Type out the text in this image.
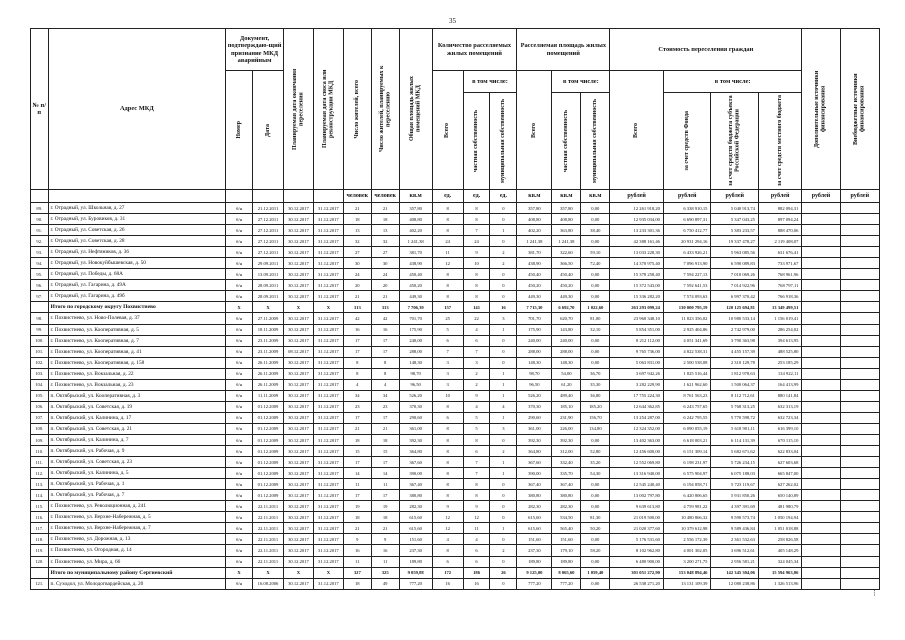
35
№ п/п	Адрес МКД	Документ, подтверждаю-щий признание МКД аварийным		Планируемая дата окончания переселения	Планируемая дата сноса или реконструкции МКД	Число жителей, всего	Число жителей, планируемых к переселению	Общая площадь жилых помещений МКД	Количество расселяемых жилых помещений			Расселяемая площадь жилых помещений			Стоимость переселения граждан				Дополнительные источники финансирования	Внебюджетные источники финансирования

		Номер	Дата						Всего	в том числе:		Всего	в том числе:		Всего	в том числе:				

										частная собственность	муниципальная собственность		частная собственность	муниципальная собственность		за счет средств Фонда	за счет средств бюджета субъекта Российской Федерации	за счет средств местного бюджета		

						человек	человек	кв.м	ед.	ед.	ед.	кв.м	кв.м	кв.м	рублей	рублей	рублей	рублей	рублей	рублей
89.	г. Отрадный, ул. Школьная, д. 27	б/н	21.12.2011	30.12.2017	31.12.2017	21	21	357,80	8	8	0	357,80	357,80	0,00	12 261 918,20	6 338 910,15	5 040 913,74	882 094,31		
90.	г. Отрадный, ул. Буровиков, д. 31	б/н	27.12.2011	30.12.2017	31.12.2017	18	18	408,80	8	8	0	408,80	408,80	0,00	12 935 034,00	6 690 897,31	5 347 043,25	897 094,24		
91.	г. Отрадный, ул. Советская, д. 26	б/н	27.12.2011	30.12.2017	31.12.2017	13	13	402,20	8	7	1	402,20	363,80	38,40	13 233 301,36	6 750 412,77	5 383 233,57	888 470,06		
92.	г. Отрадный, ул. Советская, д. 28	б/н	27.12.2011	30.12.2017	31.12.2017	32	32	1 241,38	24	24	0	1 241,38	1 241,38	0,00	42 388 161,46	20 931 294,16	19 337 478,27	2 119 408,07		
93.	г. Отрадный, ул. Нефтяников, д. 36	б/н	27.12.2011	30.12.2017	31.12.2017	27	27	381,70	11	9	2	381,70	322,60	59,10	13 033 228,30	6 433 926,21	5 963 085,56	631 676,41		
94.	г. Отрадный, ул. Новокуйбышевская, д. 50	б/н	29.09.2011	30.12.2017	31.12.2017	30	30	438,90	12	10	2	438,90	366,50	72,40	14 370 975,40	7 096 913,90	6 590 089,83	733 971,67		
95.	г. Отрадный, ул. Победы, д. 68А	б/н	13.09.2011	30.12.2017	31.12.2017	24	24	450,40	8	8	0	450,40	450,40	0,00	15 378 258,40	7 594 227,13	7 010 069,26	768 961,96		
96.	г. Отрадный, ул. Гагарина, д. 49А	б/н	28.09.2011	30.12.2017	31.12.2017	20	20	450,20	8	8	0	450,20	450,20	0,00	15 372 543,00	7 592 641,53	7 014 922,96	768 797,11		
97.	г. Отрадный, ул. Гагарина, д. 49б	б/н	28.09.2011	30.12.2017	31.12.2017	21	21	449,30	8	8	0	449,30	449,30	0,00	15 336 282,20	7 574 093,63	6 997 370,42	766 918,36		
	Итого по городскому округу Похвистнево	X	X	X	X	313	313	7 706,39	157	141	16	7 715,30	6 692,70	1 022,60	263 293 099,24	130 000 795,19	120 125 694,81	13 349 499,51		
98.	г. Похвистнево, ул. Ново-Полевая, д. 37	б/н	27.11.2009	30.12.2017	31.12.2017	42	42	701,70	25	22	3	701,70	620,70	81,00	23 960 348,10	11 823 356,02	10 980 533,14	1 156 019,41		
99.	г. Похвистнево, ул. Кооперативная, д. 5	б/н	18.11.2009	30.12.2017	31.12.2017	16	16	175,90	5	4	1	175,90	143,80	32,10	5 854 351,00	2 925 404,86	2 742 979,00	286 254,02		
100.	г. Похвистнево, ул. Кооперативная, д. 7	б/н	23.11.2009	30.12.2017	31.12.2017	17	17	240,00	6	6	0	240,00	240,00	0,00	8 212 112,00	4 051 341,69	3 790 363,98	394 613,95		
101.	г. Похвистнево, ул. Кооперативная, д. 41	б/н	23.11.2009	08.12.2017	31.12.2017	17	17	288,00	7	7	0	288,00	288,00	0,00	9 765 736,00	4 822 538,31	4 455 157,39	488 525,80		
102.	г. Похвистнево, ул. Кооперативная, д. 158	б/н	26.11.2009	30.12.2017	31.12.2017	8	8	148,30	3	3	0	148,30	148,30	0,00	5 063 831,00	2 500 538,08	2 310 129,78	253 185,29		
103.	г. Похвистнево, ул. Вокзальная, д. 22	б/н	26.11.2009	30.12.2017	31.12.2017	8	8	98,70	3	2	1	98,70	54,00	36,70	3 697 942,26	1 825 516,44	1 812 978,63	134 922,11		
104.	г. Похвистнево, ул. Вокзальная, д. 23	б/н	26.11.2009	30.12.2017	31.12.2017	4	4	96,50	3	2	1	96,50	61,20	35,30	3 282 229,90	1 621 962,60	1 500 064,37	164 413,99		
105.	п. Октябрьский, ул. Кооперативная, д. 3	б/н	11.11.2009	30.12.2017	31.12.2017	34	34	526,20	10	9	1	526,20	489,40	36,80	17 755 224,30	8 761 563,23	8 112 712,61	880 141,84		
106.	п. Октябрьский, ул. Советская, д. 19	б/н	01.12.2009	30.12.2017	31.12.2017	23	23	370,30	8	4	4	370,30	185,10	185,20	12 644 362,85	6 243 757,65	5 768 313,25	632 313,19		
107.	п. Октябрьский, ул. Калинина, д. 17	б/н	01.12.2009	30.12.2017	31.12.2017	17	17	290,60	6	5	1	290,60	231,90	156,70	13 254 287,00	6 242 795,55	5 770 598,72	632 723,34		
108.	п. Октябрьский, ул. Советская, д. 21	б/н	01.12.2009	30.12.2017	31.12.2017	21	21	361,00	8	5	3	361,00	226,00	134,80	12 324 352,00	6 090 055,19	5 618 901,11	616 399,10		
109.	п. Октябрьский, ул. Калинина, д. 7	б/н	01.12.2009	30.12.2017	31.12.2017	18	18	392,30	8	8	0	392,30	392,30	0,00	13 402 363,00	6 618 003,21	6 114 131,39	670 115,10		
110.	п. Октябрьский, ул. Рабочая, д. 9	б/н	01.12.2009	30.12.2017	31.12.2017	15	15	364,80	8	6	2	364,80	312,00	52,80	12 456 600,00	6 151 309,14	5 682 671,62	622 833,04		
111.	п. Октябрьский, ул. Советская, д. 23	б/н	01.12.2009	30.12.2017	31.12.2017	17	17	367,60	8	7	1	367,60	332,40	35,20	12 552 069,80	6 198 231,97	5 726 234,15	627 603,68		
112.	п. Октябрьский, ул. Калинина, д. 5	б/н	01.12.2009	30.12.2017	31.12.2017	14	14	390,00	8	7	1	390,00	335,70	54,30	13 316 940,00	6 575 904,97	6 075 188,03	665 847,00		
113.	п. Октябрьский, ул. Рабочая, д. 1	б/н	01.12.2009	30.12.2017	31.12.2017	11	11	367,40	8	8	0	367,40	367,40	0,00	12 545 240,40	6 194 858,71	5 723 119,67	627 262,02		
114.	п. Октябрьский, ул. Рабочая, д. 7	б/н	01.12.2009	30.12.2017	31.12.2017	17	17	380,80	8	8	0	380,80	380,80	0,00	13 002 797,80	6 420 806,65	5 931 850,26	650 140,89		
115.	г. Похвистнево, ул. Революционная, д. 241	б/н	22.11.2011	30.12.2017	31.12.2017	19	19	282,30	9	9	0	282,30	282,30	0,00	9 639 613,80	4 759 981,22	4 397 391,69	481 980,79		
116.	г. Похвистнево, ул. Верхне-Набережная, д. 5	б/н	22.11.2011	30.12.2017	31.12.2017	18	18	615,60	12	12	0	615,60	534,50	81,30	21 019 500,00	10 480 866,32	9 590 573,74	1 050 194,94		
117.	г. Похвистнево, ул. Верхне-Набережная, д. 7	б/н	22.11.2011	30.12.2017	31.12.2017	21	21	615,60	12	11	1	615,60	565,40	50,20	21 020 377,60	10 379 612,98	9 589 436,84	1 051 018,88		
118.	г. Похвистнево, ул. Дорожная, д. 13	б/н	22.11.2011	30.12.2017	31.12.2017	9	9	151,60	4	4	0	151,60	151,60	0,00	5 176 531,60	2 556 172,39	2 361 532,63	258 826,58		
119.	г. Похвистнево, ул. Огородная, д. 14	б/н	22.11.2011	30.12.2017	31.12.2017	16	16	237,30	8	6	2	237,30	179,10	58,20	8 102 962,80	4 001 302,05	3 696 512,61	405 148,29		
120.	г. Похвистнево, ул. Мира, д. 66	б/н	22.11.2011	30.12.2017	31.12.2017	11	11	189,80	6	6	0	189,80	189,80	0,00	6 480 900,00	3 200 271,75	2 956 581,21	324 045,34		
	Итого по муниципальному району Сергиевский	X	X	X	X	327	325	9 059,88	172	186	26	9 125,00	8 065,60	1 059,40	301 051 272,90	153 048 894,46	142 345 304,06	15 594 963,06		
121.	п. Суходол, ул. Молодогвардейская, д. 20	б/н	16.08.2006	30.12.2017	31.12.2017	18	49	777,20	16	16	0	777,20	777,20	0,00	26 538 271,20	13 131 109,39	12 080 238,86	1 326 513,96		
⁝
